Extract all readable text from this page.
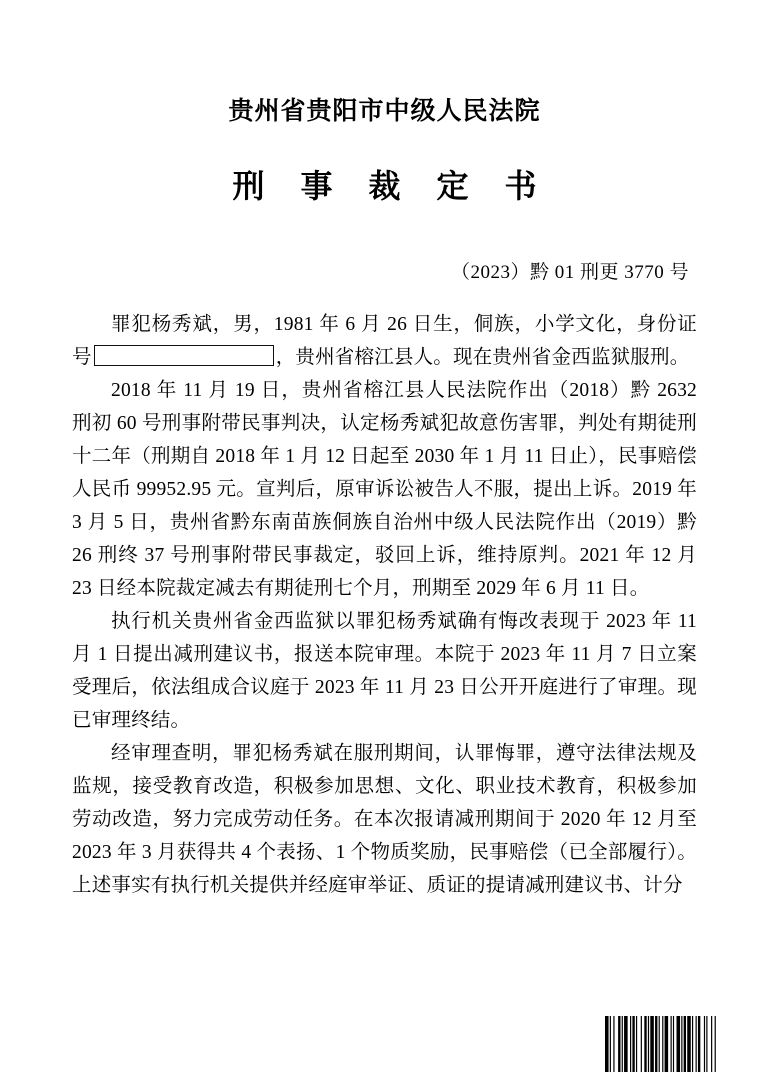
贵州省贵阳市中级人民法院
刑 事 裁 定 书
（2023）黔 01 刑更 3770 号

罪犯杨秀斌，男，1981 年 6 月 26 日生，侗族，小学文化，身份证号	，贵州省榕江县人。现在贵州省金西监狱服刑。

2018 年 11 月 19 日，贵州省榕江县人民法院作出（2018）黔 2632 刑初 60 号刑事附带民事判决，认定杨秀斌犯故意伤害罪，判处有期徒刑十二年（刑期自 2018 年 1 月 12 日起至 2030 年 1 月 11 日止），民事赔偿人民币 99952.95 元。宣判后，原审诉讼被告人不服，提出上诉。2019 年 3 月 5 日，贵州省黔东南苗族侗族自治州中级人民法院作出（2019）黔 26 刑终 37 号刑事附带民事裁定，驳回上诉，维持原判。2021 年 12 月 23 日经本院裁定减去有期徒刑七个月，刑期至 2029 年 6 月 11 日。

执行机关贵州省金西监狱以罪犯杨秀斌确有悔改表现于 2023 年 11 月 1 日提出减刑建议书，报送本院审理。本院于 2023 年 11 月 7 日立案受理后，依法组成合议庭于 2023 年 11 月 23 日公开开庭进行了审理。现已审理终结。

经审理查明，罪犯杨秀斌在服刑期间，认罪悔罪，遵守法律法规及监规，接受教育改造，积极参加思想、文化、职业技术教育，积极参加劳动改造，努力完成劳动任务。在本次报请减刑期间于 2020 年 12 月至 2023 年 3 月获得共 4 个表扬、1 个物质奖励，民事赔偿（已全部履行）。上述事实有执行机关提供并经庭审举证、质证的提请减刑建议书、计分
